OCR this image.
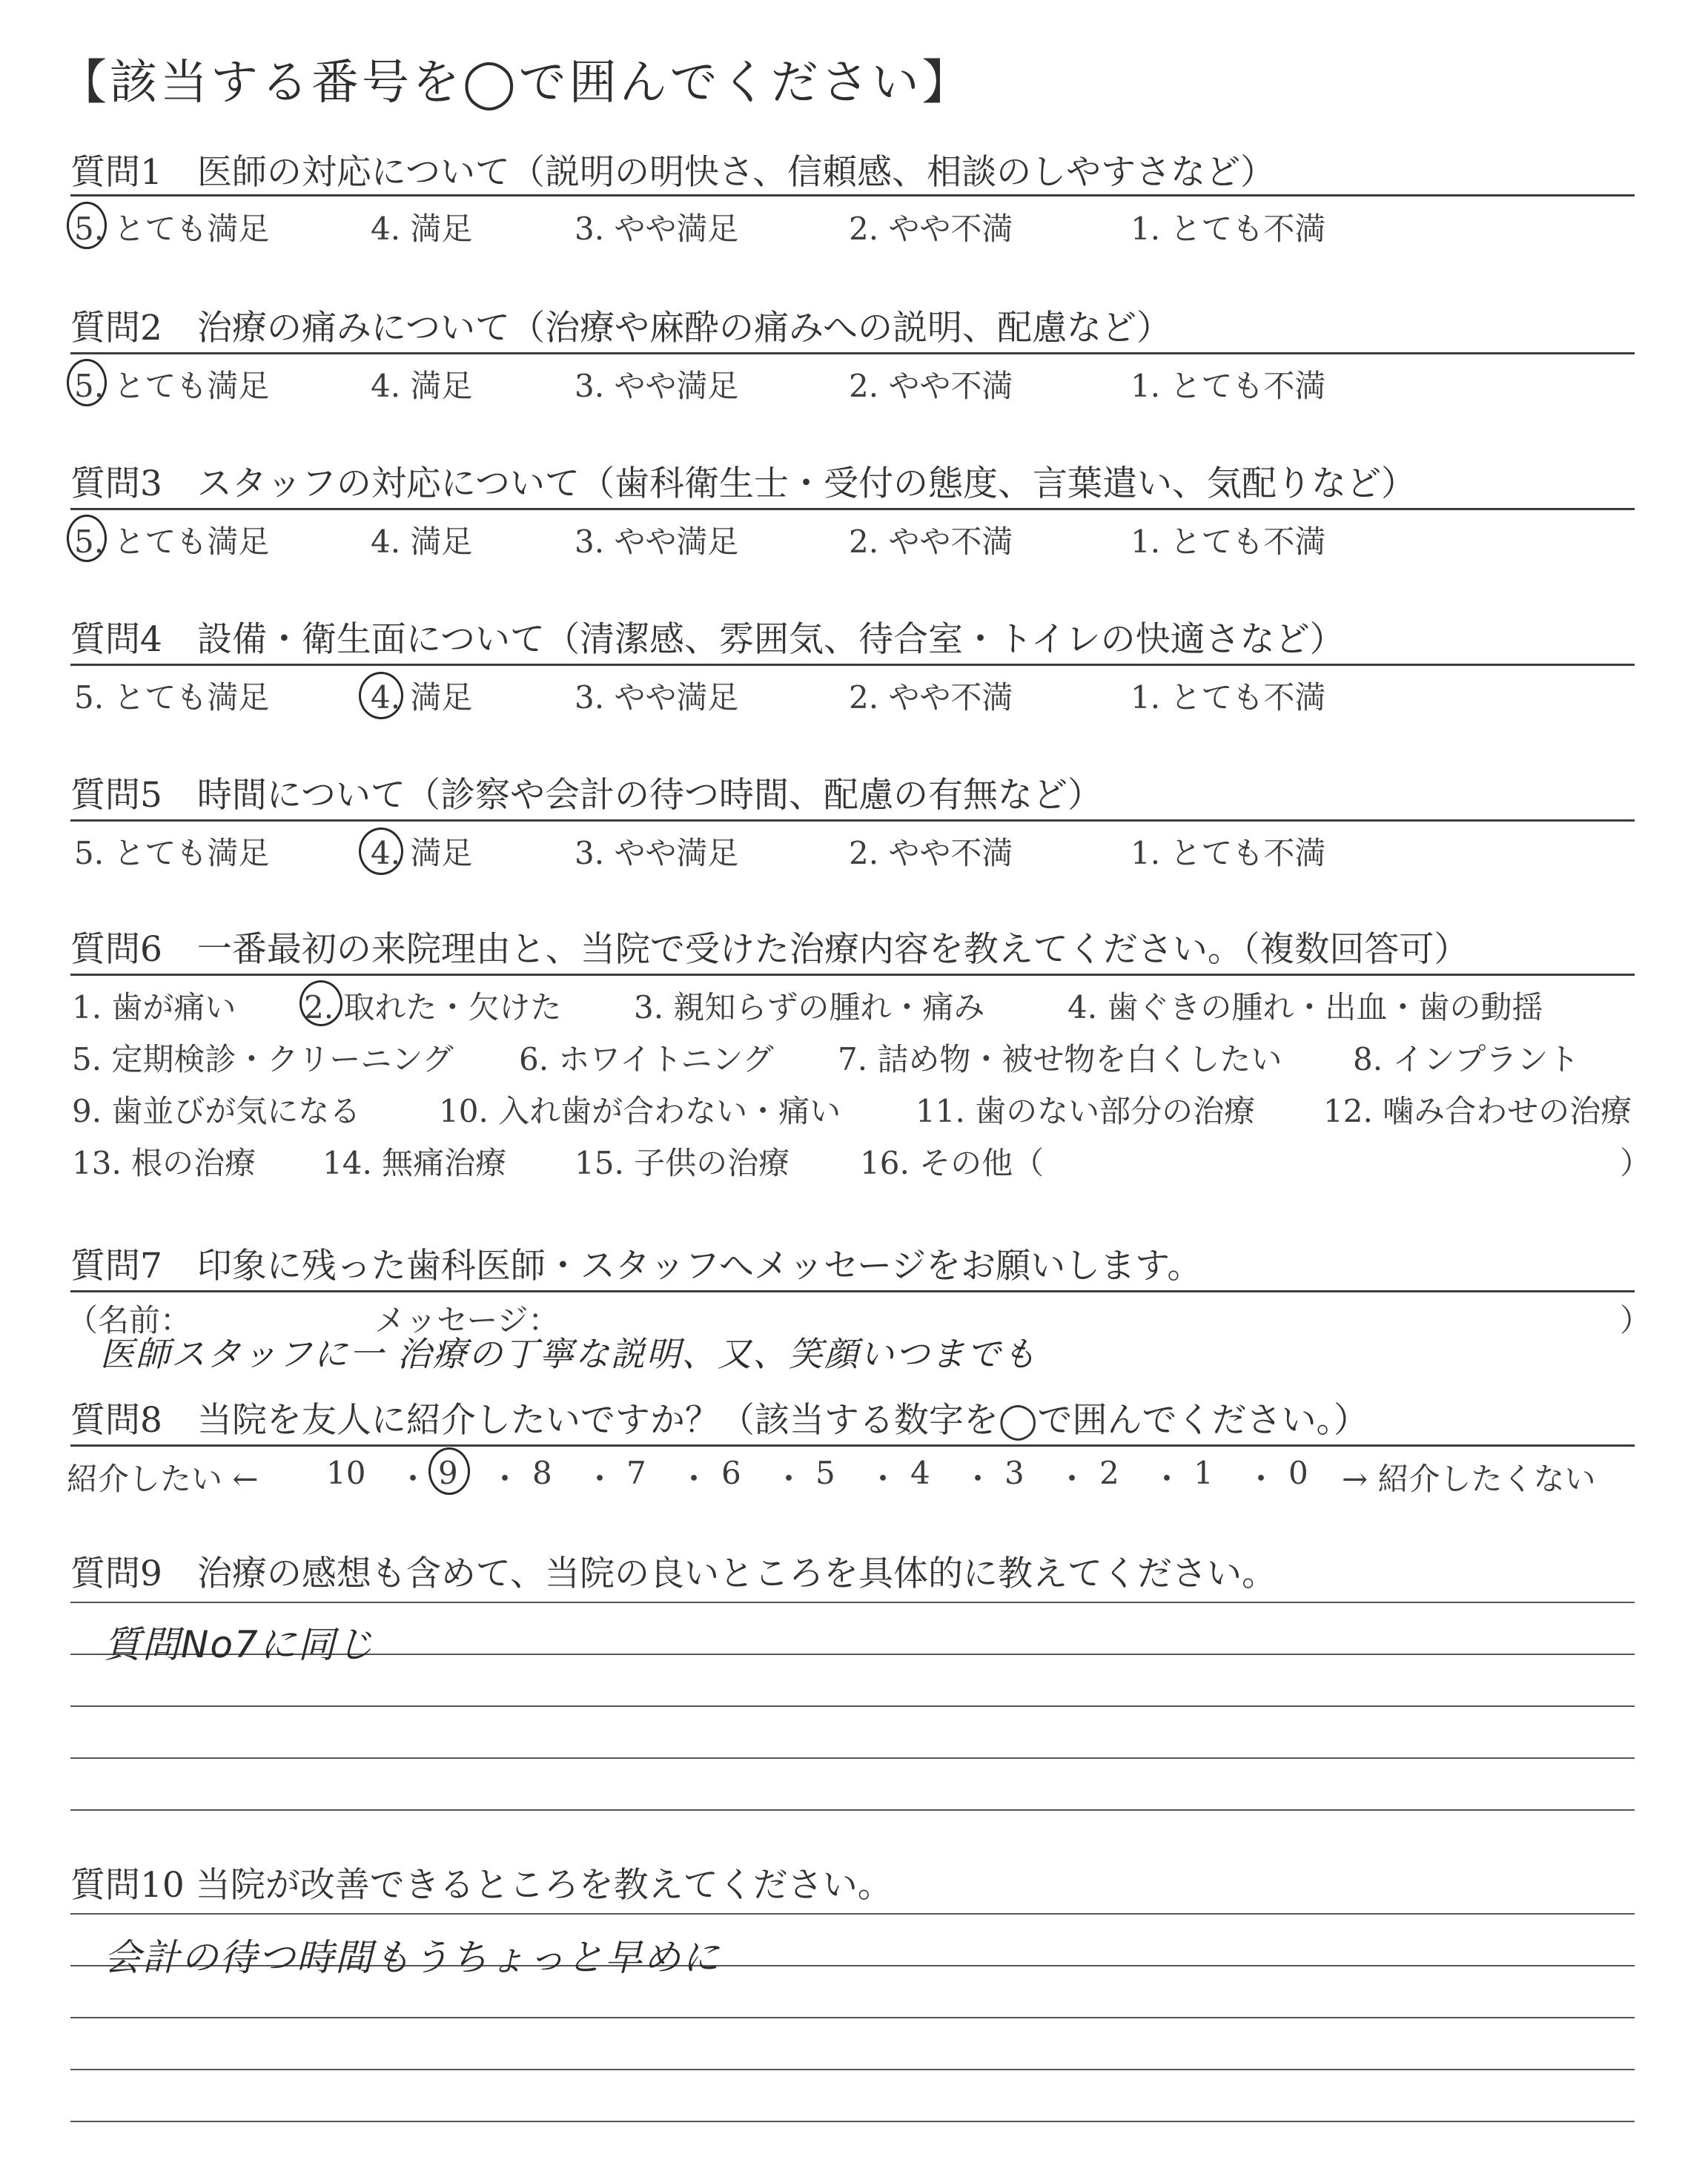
【該当する番号を◯で囲んでください】
質問1　医師の対応について（説明の明快さ、信頼感、相談のしやすさなど）
5. とても満足	4. 満足	3. やや満足	2. やや不満	1. とても不満
質問2　治療の痛みについて（治療や麻酔の痛みへの説明、配慮など）
5. とても満足	4. 満足	3. やや満足	2. やや不満	1. とても不満
質問3　スタッフの対応について（歯科衛生士・受付の態度、言葉遣い、気配りなど）
5. とても満足	4. 満足	3. やや満足	2. やや不満	1. とても不満
質問4　設備・衛生面について（清潔感、雰囲気、待合室・トイレの快適さなど）
5. とても満足	4. 満足	3. やや満足	2. やや不満	1. とても不満
質問5　時間について（診察や会計の待つ時間、配慮の有無など）
5. とても満足	4. 満足	3. やや満足	2. やや不満	1. とても不満
質問6　一番最初の来院理由と、当院で受けた治療内容を教えてください。（複数回答可）
1. 歯が痛い 2. 取れた・欠けた 3. 親知らずの腫れ・痛み	4. 歯ぐきの腫れ・出血・歯の動揺
5. 定期検診・クリーニング 6. ホワイトニング 7. 詰め物・被せ物を白くしたい 8. インプラント
9. 歯並びが気になる	10. 入れ歯が合わない・痛い 11. 歯のない部分の治療 12. 噛み合わせの治療
13. 根の治療 14. 無痛治療 15. 子供の治療 16. その他（	）
質問7　印象に残った歯科医師・スタッフへメッセージをお願いします。
（名前：	メッセージ：	）
医師スタッフに一 治療の丁寧な説明、又、笑顔いつまでも
質問8　当院を友人に紹介したいですか？（該当する数字を◯で囲んでください。）
紹介したい ← 10 ・ 9 ・ 8 ・ 7 ・ 6 ・ 5 ・ 4 ・ 3 ・ 2 ・ 1 ・ 0 → 紹介したくない
質問9　治療の感想も含めて、当院の良いところを具体的に教えてください。
質問No7に同じ
質問10 当院が改善できるところを教えてください。
会計の待つ時間もうちょっと早めに
